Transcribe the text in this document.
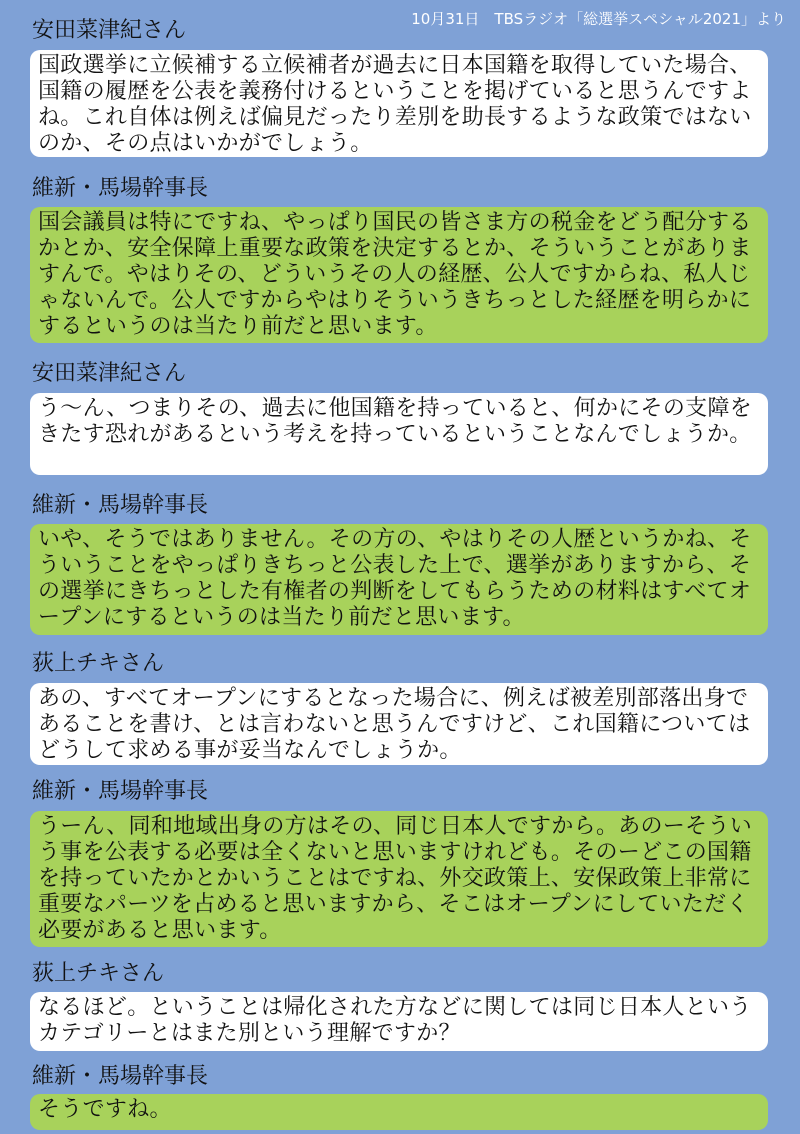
10月31日　TBSラジオ「総選挙スペシャル2021」より
安田菜津紀さん
国政選挙に立候補する立候補者が過去に日本国籍を取得していた場合、国籍の履歴を公表を義務付けるということを掲げていると思うんですよね。これ自体は例えば偏見だったり差別を助長するような政策ではないのか、その点はいかがでしょう。
維新・馬場幹事長
国会議員は特にですね、やっぱり国民の皆さま方の税金をどう配分するかとか、安全保障上重要な政策を決定するとか、そういうことがありますんで。やはりその、どういうその人の経歴、公人ですからね、私人じゃないんで。公人ですからやはりそういうきちっとした経歴を明らかにするというのは当たり前だと思います。
安田菜津紀さん
う〜ん、つまりその、過去に他国籍を持っていると、何かにその支障をきたす恐れがあるという考えを持っているということなんでしょうか。
維新・馬場幹事長
いや、そうではありません。その方の、やはりその人歴というかね、そういうことをやっぱりきちっと公表した上で、選挙がありますから、その選挙にきちっとした有権者の判断をしてもらうための材料はすべてオープンにするというのは当たり前だと思います。
荻上チキさん
あの、すべてオープンにするとなった場合に、例えば被差別部落出身であることを書け、とは言わないと思うんですけど、これ国籍についてはどうして求める事が妥当なんでしょうか。
維新・馬場幹事長
うーん、同和地域出身の方はその、同じ日本人ですから。あのーそういう事を公表する必要は全くないと思いますけれども。そのーどこの国籍を持っていたかとかいうことはですね、外交政策上、安保政策上非常に重要なパーツを占めると思いますから、そこはオープンにしていただく必要があると思います。
荻上チキさん
なるほど。ということは帰化された方などに関しては同じ日本人というカテゴリーとはまた別という理解ですか？
維新・馬場幹事長
そうですね。
